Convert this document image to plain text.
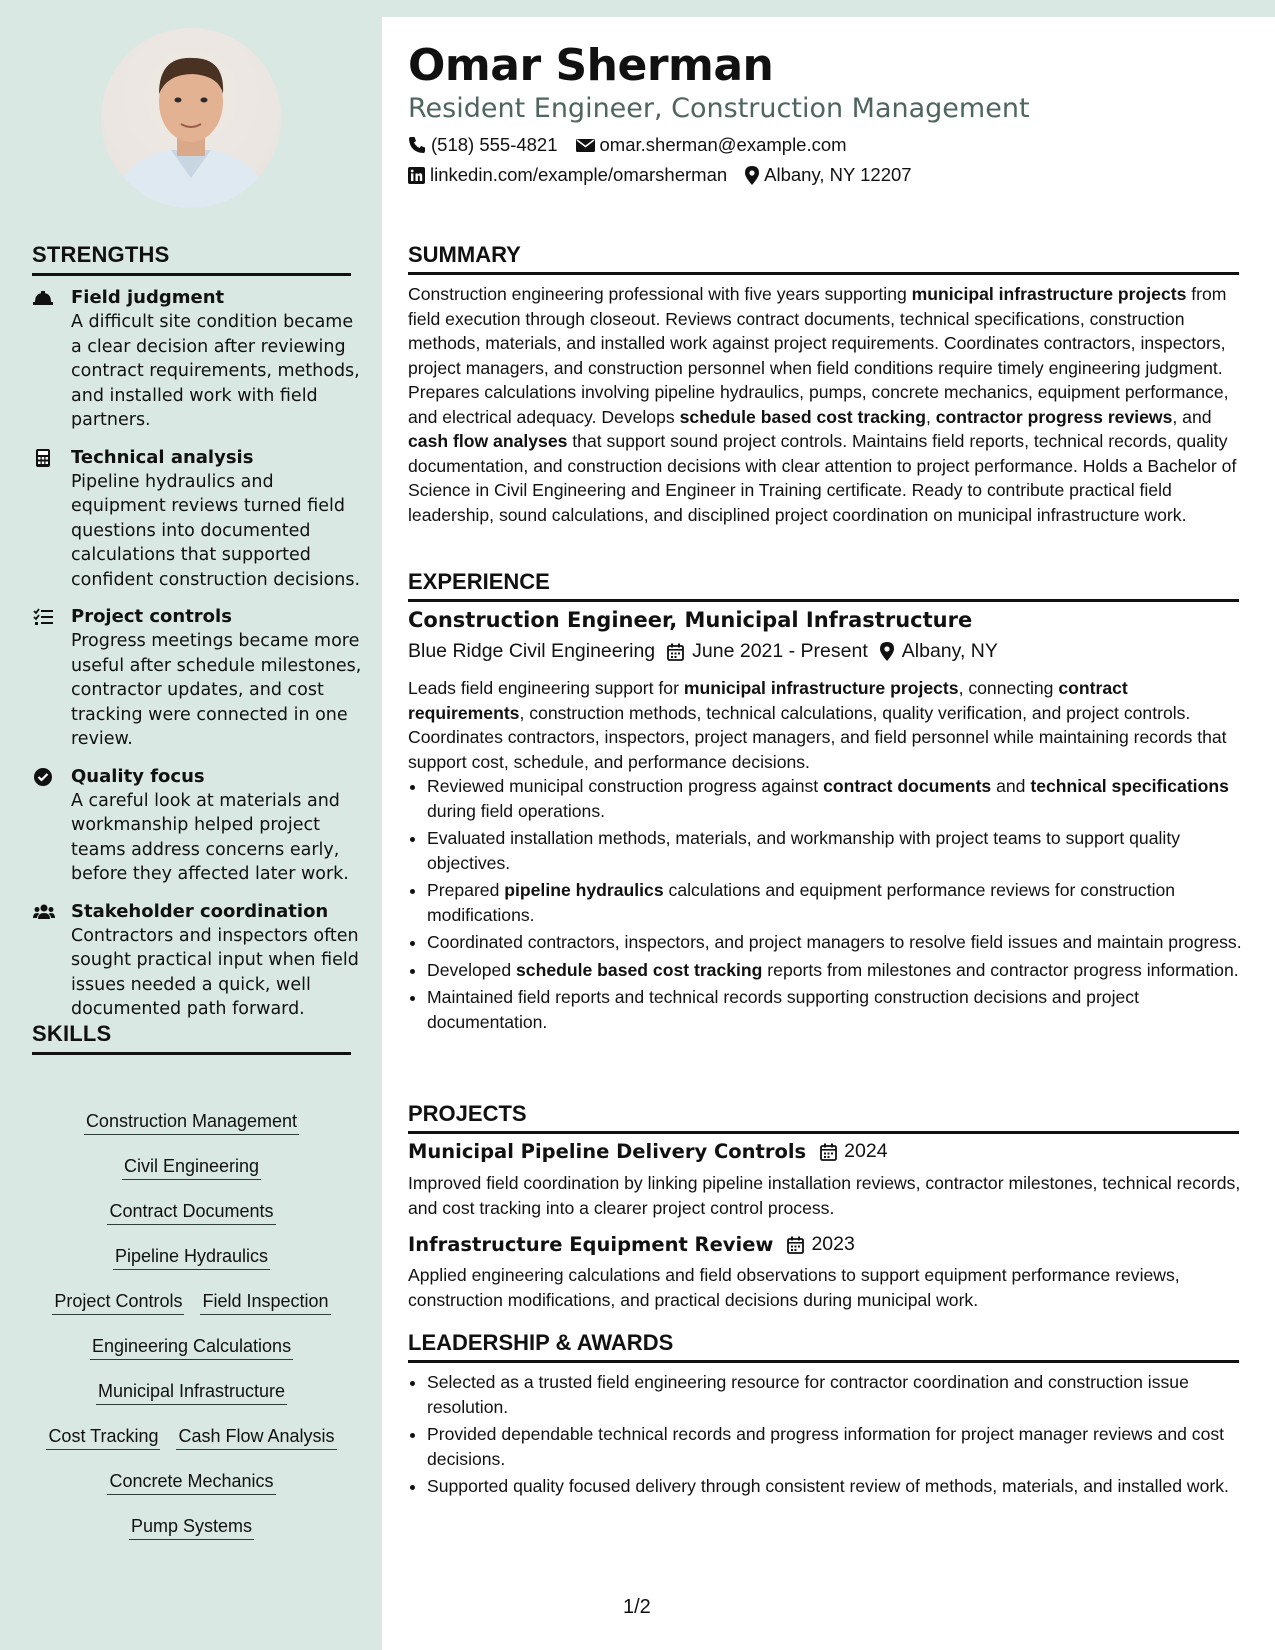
STRENGTHS
Field judgment
A difficult site condition became a clear decision after reviewing contract requirements, methods, and installed work with field partners.
Technical analysis
Pipeline hydraulics and equipment reviews turned field questions into documented calculations that supported confident construction decisions.
Project controls
Progress meetings became more useful after schedule milestones, contractor updates, and cost tracking were connected in one review.
Quality focus
A careful look at materials and workmanship helped project teams address concerns early, before they affected later work.
Stakeholder coordination
Contractors and inspectors often sought practical input when field issues needed a quick, well documented path forward.
SKILLS
Construction Management
Civil Engineering
Contract Documents
Pipeline Hydraulics
Project Controls Field Inspection
Engineering Calculations
Municipal Infrastructure
Cost Tracking Cash Flow Analysis
Concrete Mechanics
Pump Systems
Omar Sherman
Resident Engineer, Construction Management
(518) 555-4821 omar.sherman@example.com
linkedin.com/example/omarsherman Albany, NY 12207
SUMMARY
Construction engineering professional with five years supporting municipal infrastructure projects from field execution through closeout. Reviews contract documents, technical specifications, construction methods, materials, and installed work against project requirements. Coordinates contractors, inspectors, project managers, and construction personnel when field conditions require timely engineering judgment. Prepares calculations involving pipeline hydraulics, pumps, concrete mechanics, equipment performance, and electrical adequacy. Develops schedule based cost tracking, contractor progress reviews, and cash flow analyses that support sound project controls. Maintains field reports, technical records, quality documentation, and construction decisions with clear attention to project performance. Holds a Bachelor of Science in Civil Engineering and Engineer in Training certificate. Ready to contribute practical field leadership, sound calculations, and disciplined project coordination on municipal infrastructure work.
EXPERIENCE
Construction Engineer, Municipal Infrastructure
Blue Ridge Civil Engineering June 2021 - Present Albany, NY
Leads field engineering support for municipal infrastructure projects, connecting contract requirements, construction methods, technical calculations, quality verification, and project controls. Coordinates contractors, inspectors, project managers, and field personnel while maintaining records that support cost, schedule, and performance decisions.
• Reviewed municipal construction progress against contract documents and technical specifications during field operations.
• Evaluated installation methods, materials, and workmanship with project teams to support quality objectives.
• Prepared pipeline hydraulics calculations and equipment performance reviews for construction modifications.
• Coordinated contractors, inspectors, and project managers to resolve field issues and maintain progress.
• Developed schedule based cost tracking reports from milestones and contractor progress information.
• Maintained field reports and technical records supporting construction decisions and project documentation.
PROJECTS
Municipal Pipeline Delivery Controls 2024
Improved field coordination by linking pipeline installation reviews, contractor milestones, technical records, and cost tracking into a clearer project control process.
Infrastructure Equipment Review 2023
Applied engineering calculations and field observations to support equipment performance reviews, construction modifications, and practical decisions during municipal work.
LEADERSHIP & AWARDS
• Selected as a trusted field engineering resource for contractor coordination and construction issue resolution.
• Provided dependable technical records and progress information for project manager reviews and cost decisions.
• Supported quality focused delivery through consistent review of methods, materials, and installed work.
1/2
